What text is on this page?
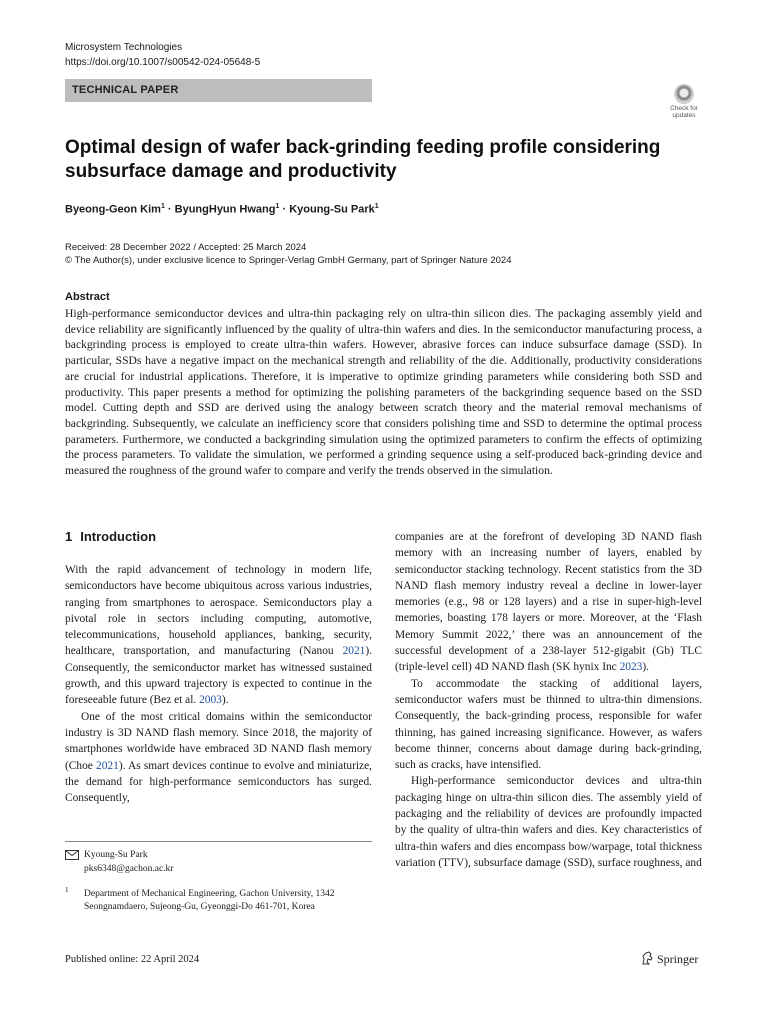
Microsystem Technologies
https://doi.org/10.1007/s00542-024-05648-5
TECHNICAL PAPER
Check for updates
Optimal design of wafer back-grinding feeding profile considering subsurface damage and productivity
Byeong-Geon Kim$^1$ · ByungHyun Hwang$^1$ · Kyoung-Su Park$^1$
Received: 28 December 2022 / Accepted: 25 March 2024
© The Author(s), under exclusive licence to Springer-Verlag GmbH Germany, part of Springer Nature 2024
Abstract
High-performance semiconductor devices and ultra-thin packaging rely on ultra-thin silicon dies. The packaging assembly yield and device reliability are significantly influenced by the quality of ultra-thin wafers and dies. In the semiconductor manufacturing process, a backgrinding process is employed to create ultra-thin wafers. However, abrasive forces can induce subsurface damage (SSD). In particular, SSDs have a negative impact on the mechanical strength and reliability of the die. Additionally, productivity considerations are crucial for industrial applications. Therefore, it is imperative to optimize grinding parameters while considering both SSD and productivity. This paper presents a method for optimizing the polishing parameters of the backgrinding sequence based on the SSD model. Cutting depth and SSD are derived using the analogy between scratch theory and the material removal mechanisms of backgrinding. Subsequently, we calculate an inefficiency score that considers polishing time and SSD to determine the optimal process parameters. Furthermore, we conducted a backgrinding simulation using the optimized parameters to confirm the effects of optimizing the process parameters. To validate the simulation, we performed a grinding sequence using a self-produced back-grinding device and measured the roughness of the ground wafer to compare and verify the trends observed in the simulation.
1 Introduction

With the rapid advancement of technology in modern life, semiconductors have become ubiquitous across various industries, ranging from smartphones to aerospace. Semiconductors play a pivotal role in sectors including computing, automotive, telecommunications, household appliances, banking, security, healthcare, transportation, and manufacturing (Nanou 2021). Consequently, the semiconductor market has witnessed sustained growth, and this upward trajectory is expected to continue in the foreseeable future (Bez et al. 2003).

One of the most critical domains within the semiconductor industry is 3D NAND flash memory. Since 2018, the majority of smartphones worldwide have embraced 3D NAND flash memory (Choe 2021). As smart devices continue to evolve and miniaturize, the demand for high-performance semiconductors has surged. Consequently,

companies are at the forefront of developing 3D NAND flash memory with an increasing number of layers, enabled by semiconductor stacking technology. Recent statistics from the 3D NAND flash memory industry reveal a decline in lower-layer memories (e.g., 98 or 128 layers) and a rise in super-high-level memories, boasting 178 layers or more. Moreover, at the ‘Flash Memory Summit 2022,’ there was an announcement of the successful development of a 238-layer 512-gigabit (Gb) TLC (triple-level cell) 4D NAND flash (SK hynix Inc 2023).

To accommodate the stacking of additional layers, semiconductor wafers must be thinned to ultra-thin dimensions. Consequently, the back-grinding process, responsible for wafer thinning, has gained increasing significance. However, as wafers become thinner, concerns about damage during back-grinding, such as cracks, have intensified.

High-performance semiconductor devices and ultra-thin packaging hinge on ultra-thin silicon dies. The assembly yield of packaging and the reliability of devices are profoundly impacted by the quality of ultra-thin wafers and dies. Key characteristics of ultra-thin wafers and dies encompass bow/warpage, total thickness variation (TTV), subsurface damage (SSD), surface roughness, and

Kyoung-Su Park
pks6348@gachon.ac.kr
1 Department of Mechanical Engineering, Gachon University, 1342 Seongnamdaero, Sujeong-Gu, Gyeonggi-Do 461-701, Korea
Published online: 22 April 2024	Springer
